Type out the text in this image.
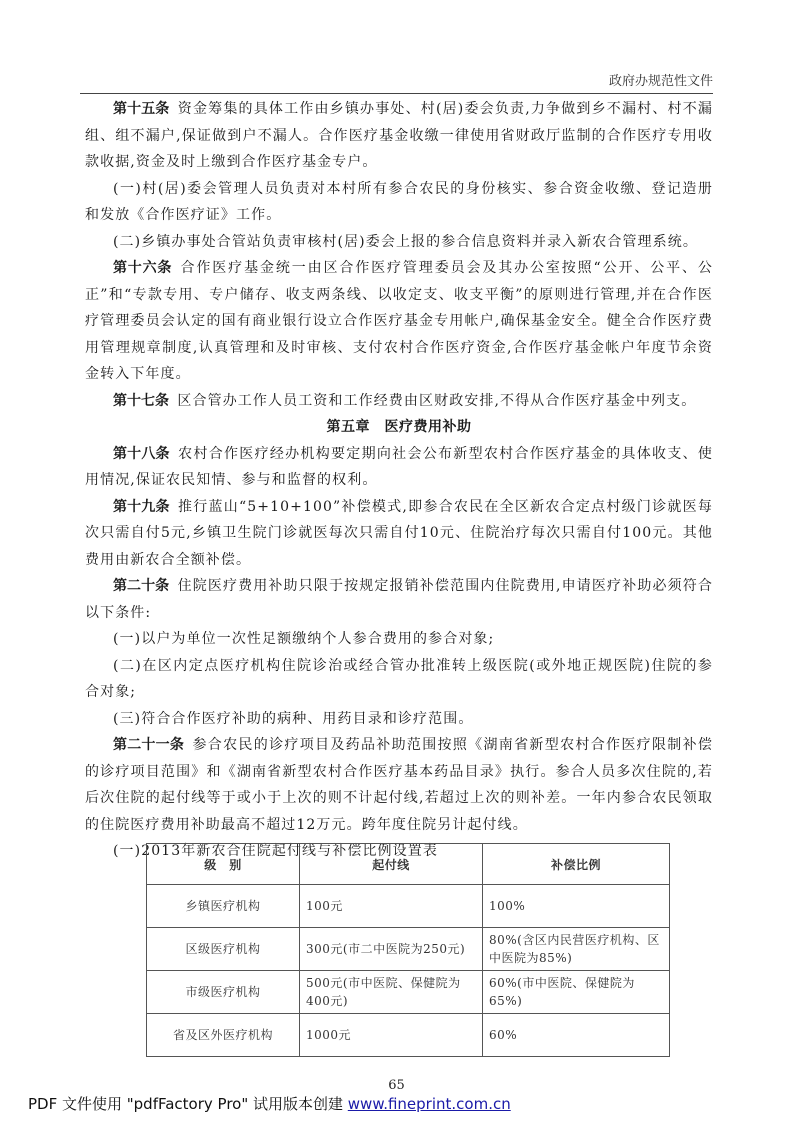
政府办规范性文件

第十五条 资金筹集的具体工作由乡镇办事处、村(居)委会负责,力争做到乡不漏村、村不漏组、组不漏户,保证做到户不漏人。合作医疗基金收缴一律使用省财政厅监制的合作医疗专用收款收据,资金及时上缴到合作医疗基金专户。

(一)村(居)委会管理人员负责对本村所有参合农民的身份核实、参合资金收缴、登记造册和发放《合作医疗证》工作。

(二)乡镇办事处合管站负责审核村(居)委会上报的参合信息资料并录入新农合管理系统。

第十六条 合作医疗基金统一由区合作医疗管理委员会及其办公室按照“公开、公平、公正”和“专款专用、专户储存、收支两条线、以收定支、收支平衡”的原则进行管理,并在合作医疗管理委员会认定的国有商业银行设立合作医疗基金专用帐户,确保基金安全。健全合作医疗费用管理规章制度,认真管理和及时审核、支付农村合作医疗资金,合作医疗基金帐户年度节余资金转入下年度。

第十七条 区合管办工作人员工资和工作经费由区财政安排,不得从合作医疗基金中列支。

第五章　医疗费用补助

第十八条 农村合作医疗经办机构要定期向社会公布新型农村合作医疗基金的具体收支、使用情况,保证农民知情、参与和监督的权利。

第十九条 推行蓝山“5+10+100”补偿模式,即参合农民在全区新农合定点村级门诊就医每次只需自付5元,乡镇卫生院门诊就医每次只需自付10元、住院治疗每次只需自付100元。其他费用由新农合全额补偿。

第二十条 住院医疗费用补助只限于按规定报销补偿范围内住院费用,申请医疗补助必须符合以下条件:

(一)以户为单位一次性足额缴纳个人参合费用的参合对象;

(二)在区内定点医疗机构住院诊治或经合管办批准转上级医院(或外地正规医院)住院的参合对象;

(三)符合合作医疗补助的病种、用药目录和诊疗范围。

第二十一条 参合农民的诊疗项目及药品补助范围按照《湖南省新型农村合作医疗限制补偿的诊疗项目范围》和《湖南省新型农村合作医疗基本药品目录》执行。参合人员多次住院的,若后次住院的起付线等于或小于上次的则不计起付线,若超过上次的则补差。一年内参合农民领取的住院医疗费用补助最高不超过12万元。跨年度住院另计起付线。

(一)2013年新农合住院起付线与补偿比例设置表

级　别	起付线	补偿比例
乡镇医疗机构	100元	100%
区级医疗机构	300元(市二中医院为250元)	80%(含区内民营医疗机构、区中医院为85%)
市级医疗机构	500元(市中医院、保健院为400元)	60%(市中医院、保健院为65%)
省及区外医疗机构	1000元	60%
65
PDF 文件使用 "pdfFactory Pro" 试用版本创建 www.fineprint.com.cn
